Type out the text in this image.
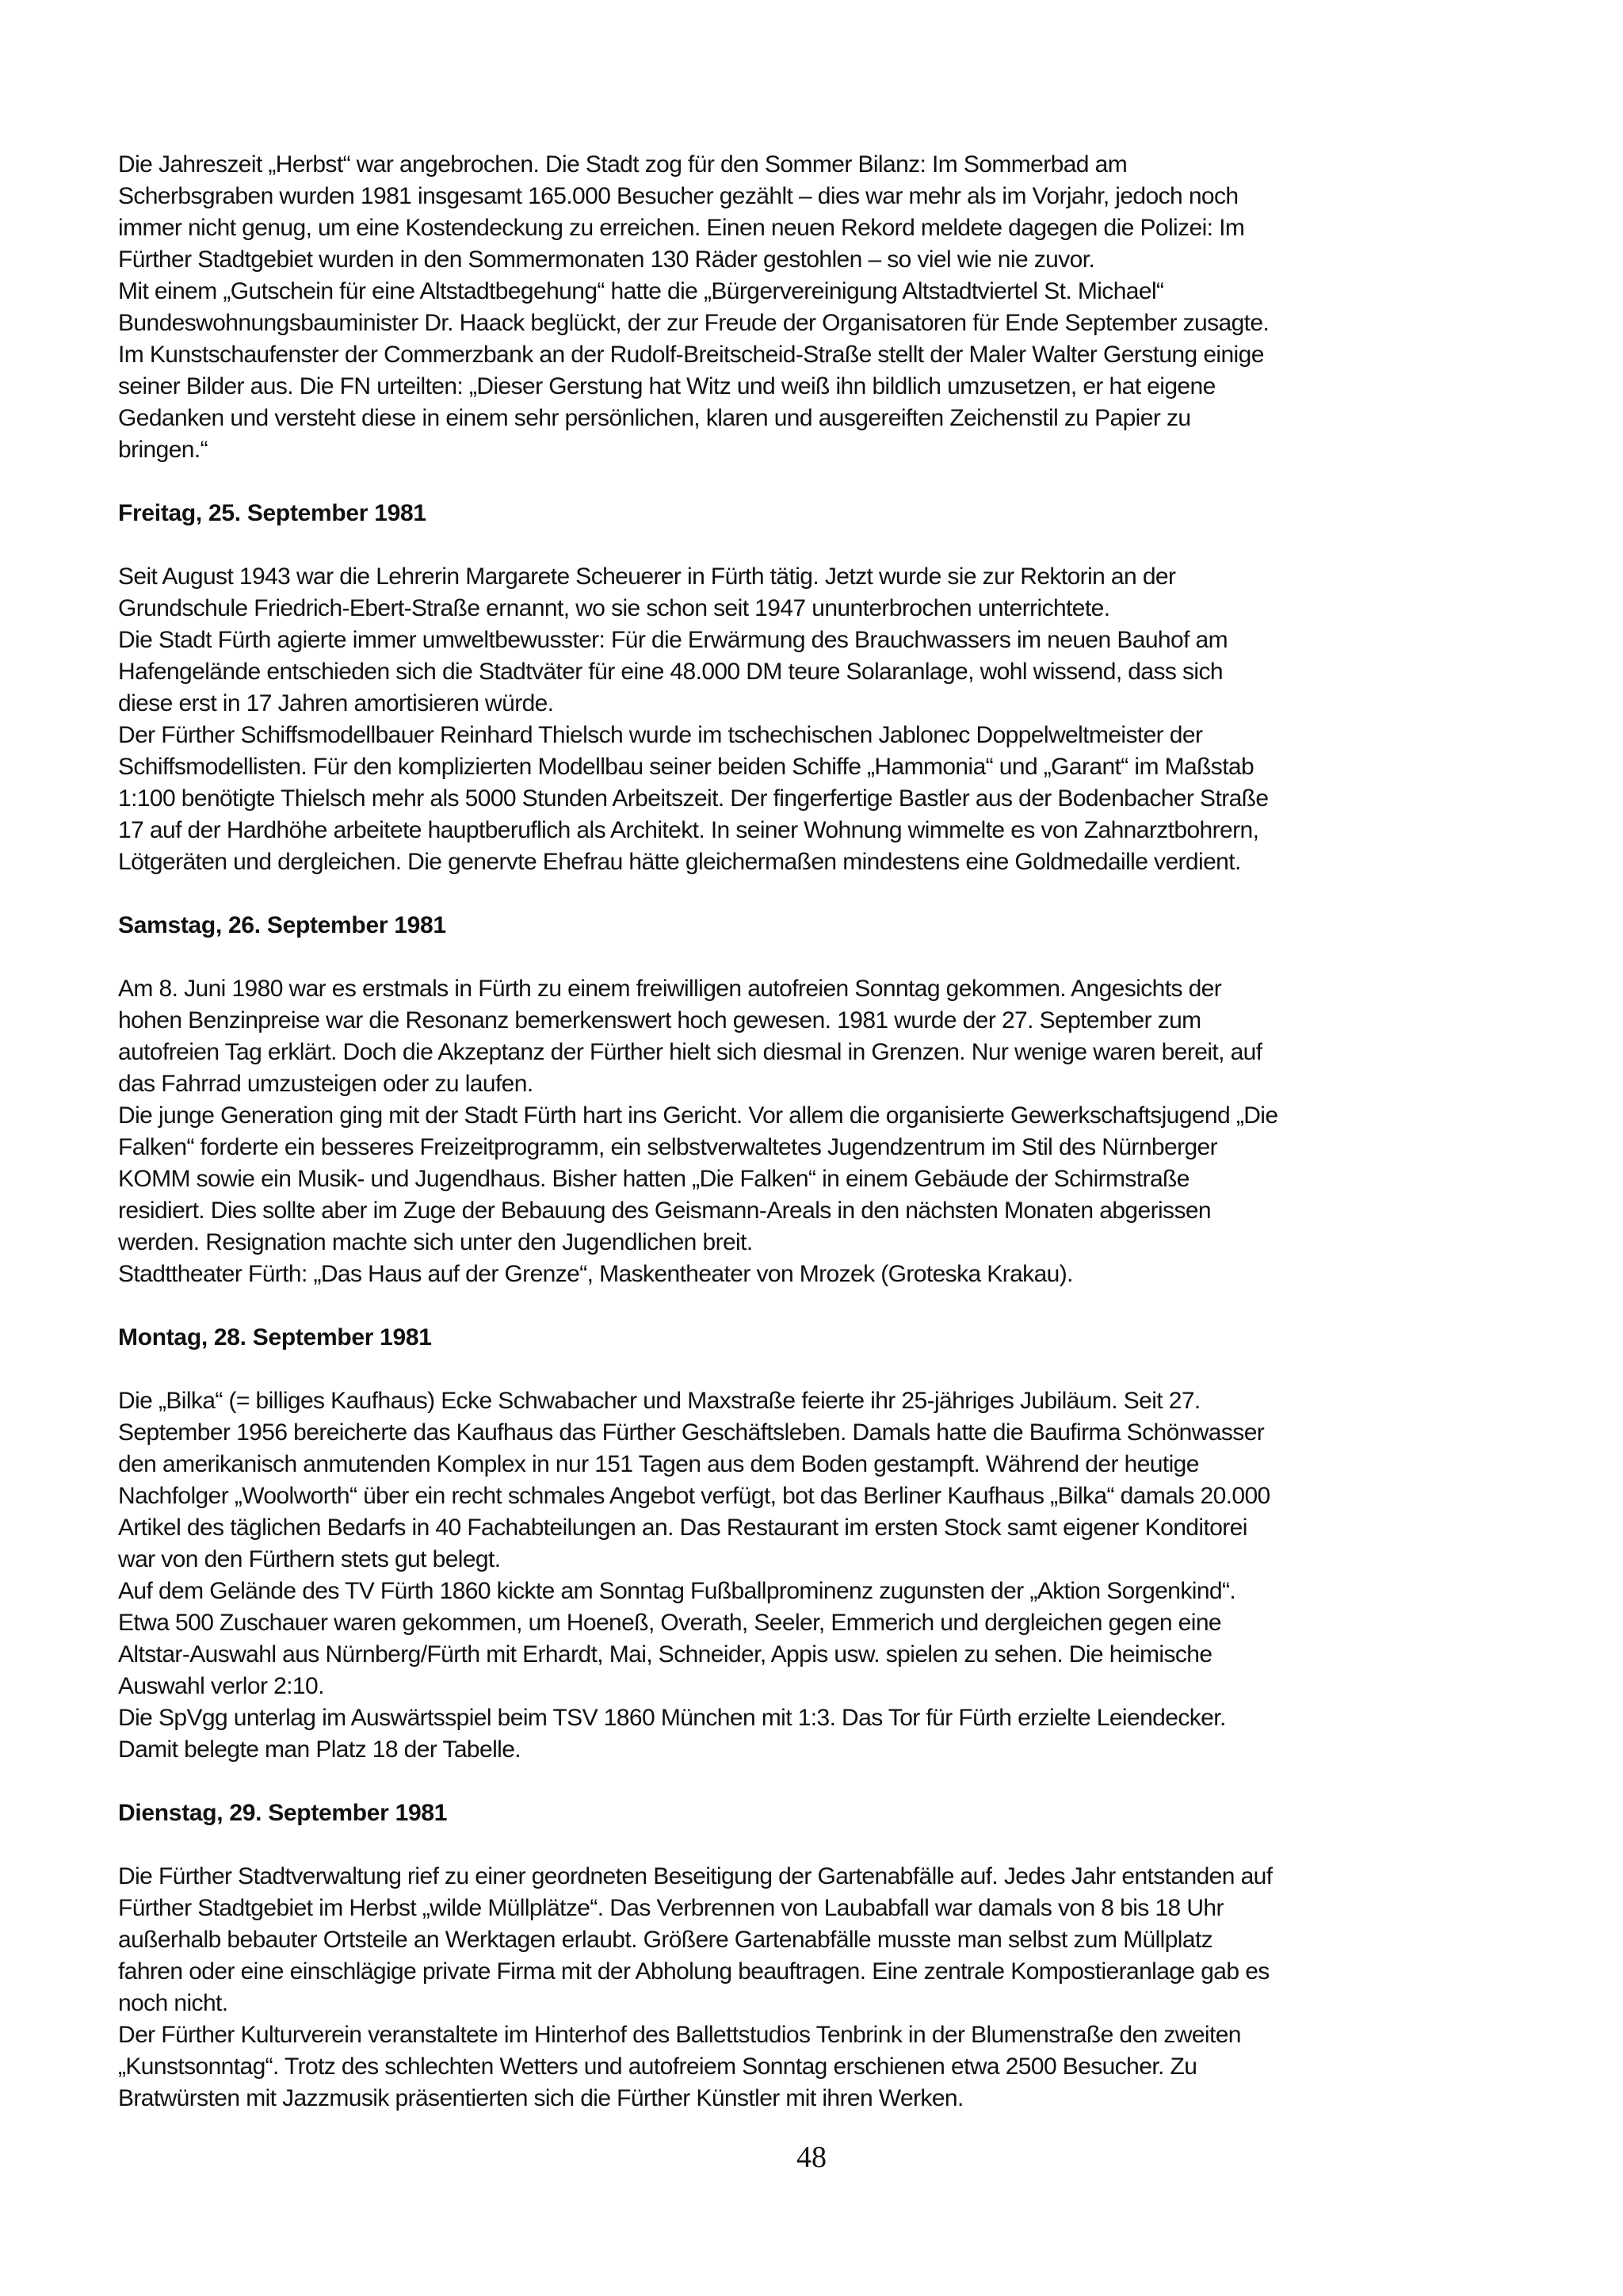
Die Jahreszeit „Herbst“ war angebrochen. Die Stadt zog für den Sommer Bilanz: Im Sommerbad am
Scherbsgraben wurden 1981 insgesamt 165.000 Besucher gezählt – dies war mehr als im Vorjahr, jedoch noch
immer nicht genug, um eine Kostendeckung zu erreichen. Einen neuen Rekord meldete dagegen die Polizei: Im
Fürther Stadtgebiet wurden in den Sommermonaten 130 Räder gestohlen – so viel wie nie zuvor.
Mit einem „Gutschein für eine Altstadtbegehung“ hatte die „Bürgervereinigung Altstadtviertel St. Michael“
Bundeswohnungsbauminister Dr. Haack beglückt, der zur Freude der Organisatoren für Ende September zusagte.
Im Kunstschaufenster der Commerzbank an der Rudolf-Breitscheid-Straße stellt der Maler Walter Gerstung einige
seiner Bilder aus. Die FN urteilten: „Dieser Gerstung hat Witz und weiß ihn bildlich umzusetzen, er hat eigene
Gedanken und versteht diese in einem sehr persönlichen, klaren und ausgereiften Zeichenstil zu Papier zu
bringen.“
Freitag, 25. September 1981
Seit August 1943 war die Lehrerin Margarete Scheuerer in Fürth tätig. Jetzt wurde sie zur Rektorin an der
Grundschule Friedrich-Ebert-Straße ernannt, wo sie schon seit 1947 ununterbrochen unterrichtete.
Die Stadt Fürth agierte immer umweltbewusster: Für die Erwärmung des Brauchwassers im neuen Bauhof am
Hafengelände entschieden sich die Stadtväter für eine 48.000 DM teure Solaranlage, wohl wissend, dass sich
diese erst in 17 Jahren amortisieren würde.
Der Fürther Schiffsmodellbauer Reinhard Thielsch wurde im tschechischen Jablonec Doppelweltmeister der
Schiffsmodellisten. Für den komplizierten Modellbau seiner beiden Schiffe „Hammonia“ und „Garant“ im Maßstab
1:100 benötigte Thielsch mehr als 5000 Stunden Arbeitszeit. Der fingerfertige Bastler aus der Bodenbacher Straße
17 auf der Hardhöhe arbeitete hauptberuflich als Architekt. In seiner Wohnung wimmelte es von Zahnarztbohrern,
Lötgeräten und dergleichen. Die genervte Ehefrau hätte gleichermaßen mindestens eine Goldmedaille verdient.
Samstag, 26. September 1981
Am 8. Juni 1980 war es erstmals in Fürth zu einem freiwilligen autofreien Sonntag gekommen. Angesichts der
hohen Benzinpreise war die Resonanz bemerkenswert hoch gewesen. 1981 wurde der 27. September zum
autofreien Tag erklärt. Doch die Akzeptanz der Fürther hielt sich diesmal in Grenzen. Nur wenige waren bereit, auf
das Fahrrad umzusteigen oder zu laufen.
Die junge Generation ging mit der Stadt Fürth hart ins Gericht. Vor allem die organisierte Gewerkschaftsjugend „Die
Falken“ forderte ein besseres Freizeitprogramm, ein selbstverwaltetes Jugendzentrum im Stil des Nürnberger
KOMM sowie ein Musik- und Jugendhaus. Bisher hatten „Die Falken“ in einem Gebäude der Schirmstraße
residiert. Dies sollte aber im Zuge der Bebauung des Geismann-Areals in den nächsten Monaten abgerissen
werden. Resignation machte sich unter den Jugendlichen breit.
Stadttheater Fürth: „Das Haus auf der Grenze“, Maskentheater von Mrozek (Groteska Krakau).
Montag, 28. September 1981
Die „Bilka“ (= billiges Kaufhaus) Ecke Schwabacher und Maxstraße feierte ihr 25-jähriges Jubiläum. Seit 27.
September 1956 bereicherte das Kaufhaus das Fürther Geschäftsleben. Damals hatte die Baufirma Schönwasser
den amerikanisch anmutenden Komplex in nur 151 Tagen aus dem Boden gestampft. Während der heutige
Nachfolger „Woolworth“ über ein recht schmales Angebot verfügt, bot das Berliner Kaufhaus „Bilka“ damals 20.000
Artikel des täglichen Bedarfs in 40 Fachabteilungen an. Das Restaurant im ersten Stock samt eigener Konditorei
war von den Fürthern stets gut belegt.
Auf dem Gelände des TV Fürth 1860 kickte am Sonntag Fußballprominenz zugunsten der „Aktion Sorgenkind“.
Etwa 500 Zuschauer waren gekommen, um Hoeneß, Overath, Seeler, Emmerich und dergleichen gegen eine
Altstar-Auswahl aus Nürnberg/Fürth mit Erhardt, Mai, Schneider, Appis usw. spielen zu sehen. Die heimische
Auswahl verlor 2:10.
Die SpVgg unterlag im Auswärtsspiel beim TSV 1860 München mit 1:3. Das Tor für Fürth erzielte Leiendecker.
Damit belegte man Platz 18 der Tabelle.
Dienstag, 29. September 1981
Die Fürther Stadtverwaltung rief zu einer geordneten Beseitigung der Gartenabfälle auf. Jedes Jahr entstanden auf
Fürther Stadtgebiet im Herbst „wilde Müllplätze“. Das Verbrennen von Laubabfall war damals von 8 bis 18 Uhr
außerhalb bebauter Ortsteile an Werktagen erlaubt. Größere Gartenabfälle musste man selbst zum Müllplatz
fahren oder eine einschlägige private Firma mit der Abholung beauftragen. Eine zentrale Kompostieranlage gab es
noch nicht.
Der Fürther Kulturverein veranstaltete im Hinterhof des Ballettstudios Tenbrink in der Blumenstraße den zweiten
„Kunstsonntag“. Trotz des schlechten Wetters und autofreiem Sonntag erschienen etwa 2500 Besucher. Zu
Bratwürsten mit Jazzmusik präsentierten sich die Fürther Künstler mit ihren Werken.
48
